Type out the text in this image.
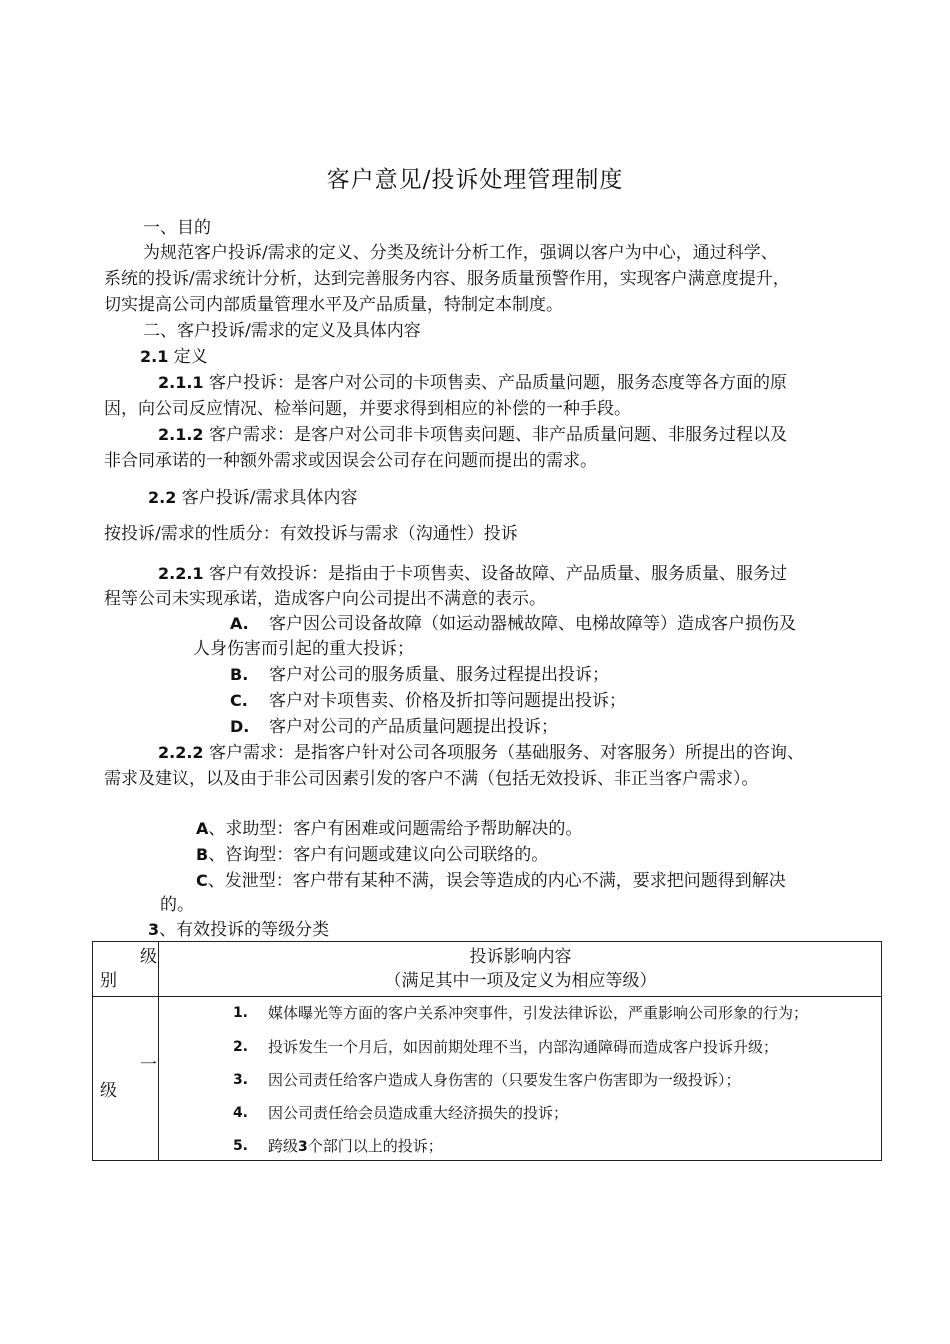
客户意见/投诉处理管理制度
一、目的
为规范客户投诉/需求的定义、分类及统计分析工作，强调以客户为中心，通过科学、
系统的投诉/需求统计分析，达到完善服务内容、服务质量预警作用，实现客户满意度提升，
切实提高公司内部质量管理水平及产品质量，特制定本制度。
二、客户投诉/需求的定义及具体内容
2.1 定义
2.1.1 客户投诉：是客户对公司的卡项售卖、产品质量问题，服务态度等各方面的原
因，向公司反应情况、检举问题，并要求得到相应的补偿的一种手段。
2.1.2 客户需求：是客户对公司非卡项售卖问题、非产品质量问题、非服务过程以及
非合同承诺的一种额外需求或因误会公司存在问题而提出的需求。
2.2 客户投诉/需求具体内容
按投诉/需求的性质分：有效投诉与需求（沟通性）投诉
2.2.1 客户有效投诉：是指由于卡项售卖、设备故障、产品质量、服务质量、服务过
程等公司未实现承诺，造成客户向公司提出不满意的表示。
A. 客户因公司设备故障（如运动器械故障、电梯故障等）造成客户损伤及
人身伤害而引起的重大投诉；
B. 客户对公司的服务质量、服务过程提出投诉；
C. 客户对卡项售卖、价格及折扣等问题提出投诉；
D. 客户对公司的产品质量问题提出投诉；
2.2.2 客户需求：是指客户针对公司各项服务（基础服务、对客服务）所提出的咨询、
需求及建议，以及由于非公司因素引发的客户不满（包括无效投诉、非正当客户需求）。
A、求助型：客户有困难或问题需给予帮助解决的。
B、咨询型：客户有问题或建议向公司联络的。
C、发泄型：客户带有某种不满，误会等造成的内心不满，要求把问题得到解决
的。
3、有效投诉的等级分类
级
别
投诉影响内容
（满足其中一项及定义为相应等级）
一
级
1. 媒体曝光等方面的客户关系冲突事件，引发法律诉讼，严重影响公司形象的行为；
2. 投诉发生一个月后，如因前期处理不当，内部沟通障碍而造成客户投诉升级；
3. 因公司责任给客户造成人身伤害的（只要发生客户伤害即为一级投诉）；
4. 因公司责任给会员造成重大经济损失的投诉；
5. 跨级3个部门以上的投诉；
